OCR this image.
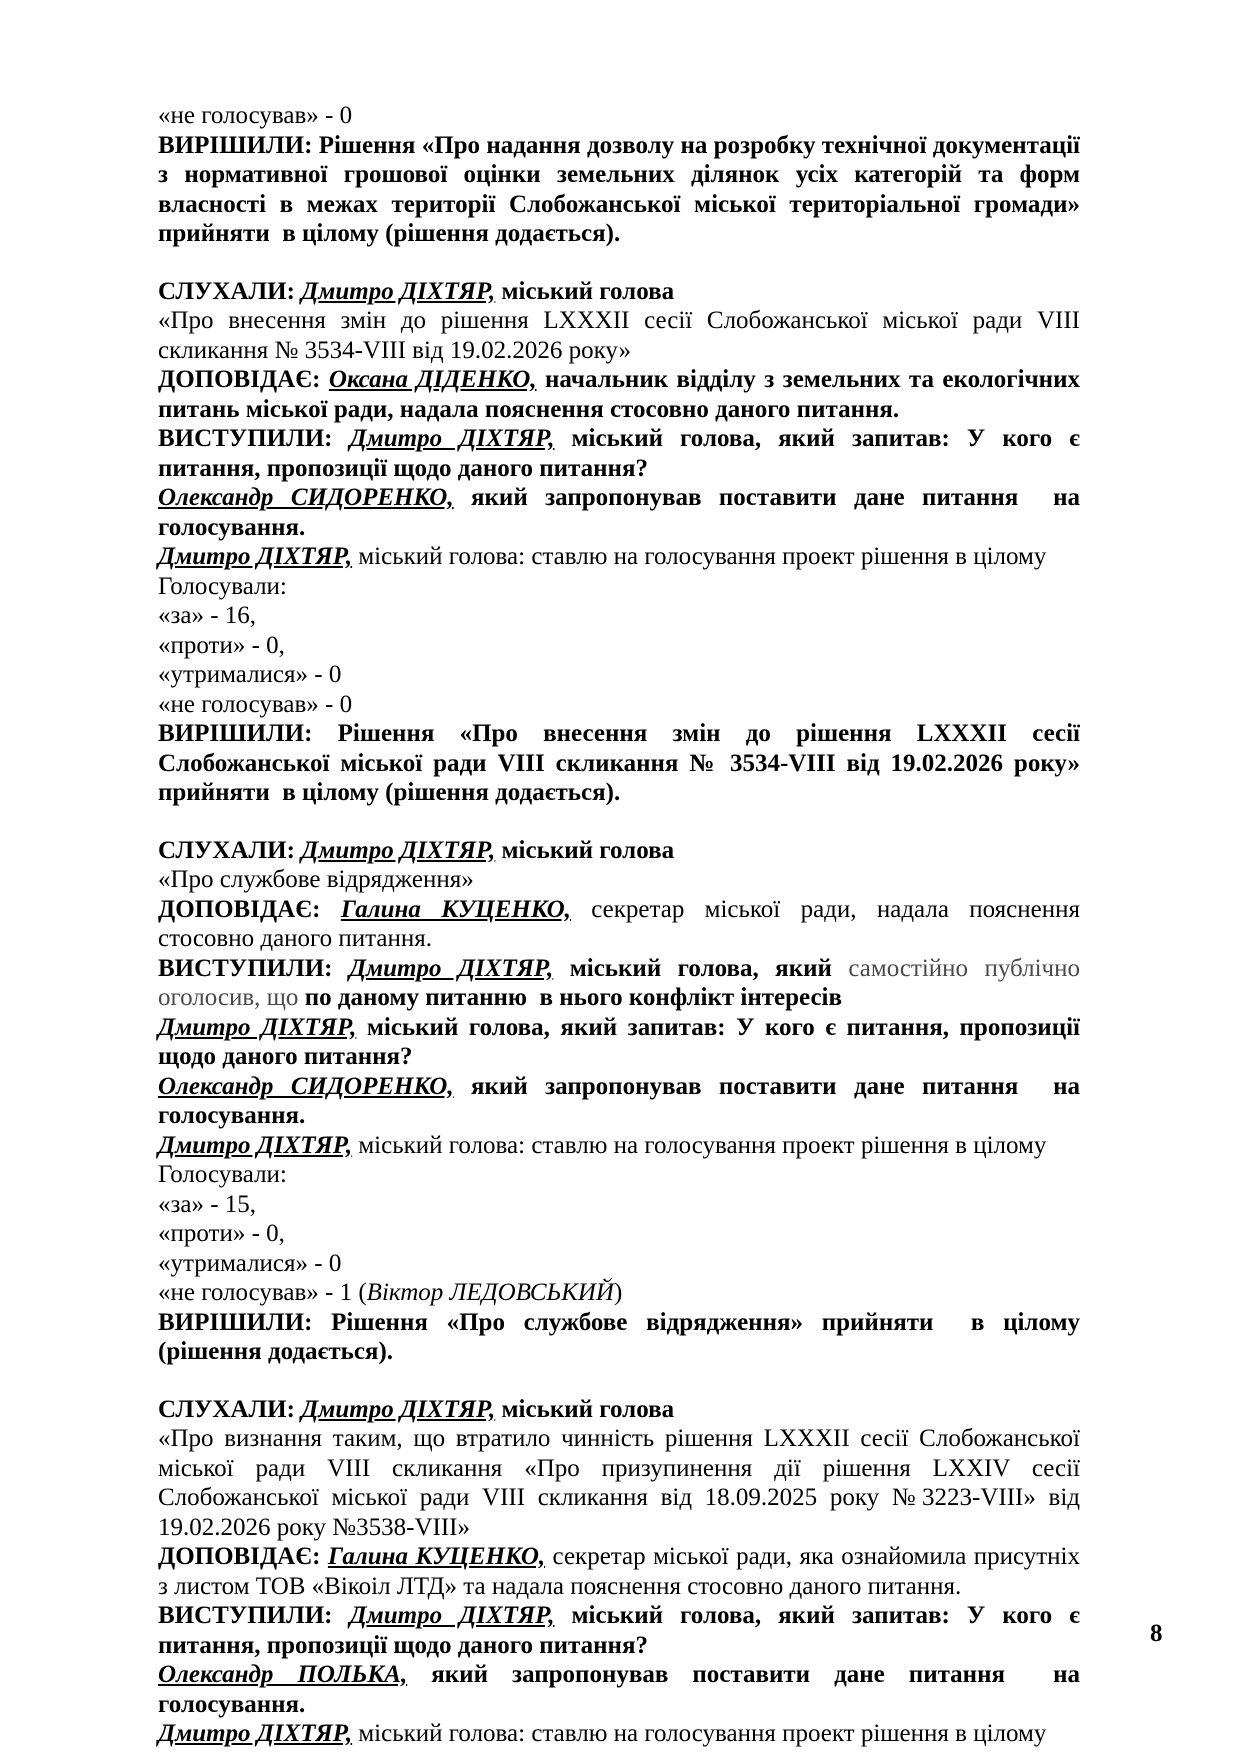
«не голосував» - 0
ВИРІШИЛИ: Рішення «Про надання дозволу на розробку технічної документації з нормативної грошової оцінки земельних ділянок усіх категорій та форм власності в межах території Слобожанської міської територіальної громади» прийняти  в цілому (рішення додається).
СЛУХАЛИ: Дмитро ДІХТЯР, міський голова
«Про внесення змін до рішення LXXXII сесії Слобожанської міської ради VIII скликання № 3534-VIII від 19.02.2026 року»
ДОПОВІДАЄ: Оксана ДІДЕНКО, начальник відділу з земельних та екологічних питань міської ради, надала пояснення стосовно даного питання.
ВИСТУПИЛИ: Дмитро ДІХТЯР, міський голова, який запитав: У кого є питання, пропозиції щодо даного питання?
Олександр СИДОРЕНКО, який запропонував поставити дане питання  на голосування.
Дмитро ДІХТЯР, міський голова: ставлю на голосування проект рішення в цілому
Голосували:
«за» - 16,
«проти» - 0,
«утрималися» - 0
«не голосував» - 0
ВИРІШИЛИ: Рішення «Про внесення змін до рішення LXXXII сесії Слобожанської міської ради VIII скликання № 3534-VIII від 19.02.2026 року» прийняти  в цілому (рішення додається).
СЛУХАЛИ: Дмитро ДІХТЯР, міський голова
«Про службове відрядження»
ДОПОВІДАЄ: Галина КУЦЕНКО, секретар міської ради, надала пояснення стосовно даного питання.
ВИСТУПИЛИ: Дмитро ДІХТЯР, міський голова, який самостійно публічно оголосив, що по даному питанню  в нього конфлікт інтересів
Дмитро ДІХТЯР, міський голова, який запитав: У кого є питання, пропозиції щодо даного питання?
Олександр СИДОРЕНКО, який запропонував поставити дане питання  на голосування.
Дмитро ДІХТЯР, міський голова: ставлю на голосування проект рішення в цілому
Голосували:
«за» - 15,
«проти» - 0,
«утрималися» - 0
«не голосував» - 1 (Віктор ЛЕДОВСЬКИЙ)
ВИРІШИЛИ: Рішення «Про службове відрядження» прийняти  в цілому (рішення додається).
СЛУХАЛИ: Дмитро ДІХТЯР, міський голова
«Про визнання таким, що втратило чинність рішення LXXXII сесії Слобожанської міської ради VIII скликання «Про призупинення дії рішення LXXIV сесії Слобожанської міської ради VIII скликання від 18.09.2025 року №3223-VIII» від 19.02.2026 року №3538-VIII»
ДОПОВІДАЄ: Галина КУЦЕНКО, секретар міської ради, яка ознайомила присутніх з листом ТОВ «Вікоіл ЛТД» та надала пояснення стосовно даного питання.
ВИСТУПИЛИ: Дмитро ДІХТЯР, міський голова, який запитав: У кого є питання, пропозиції щодо даного питання?
Олександр ПОЛЬКА, який запропонував поставити дане питання  на голосування.
Дмитро ДІХТЯР, міський голова: ставлю на голосування проект рішення в цілому
8
